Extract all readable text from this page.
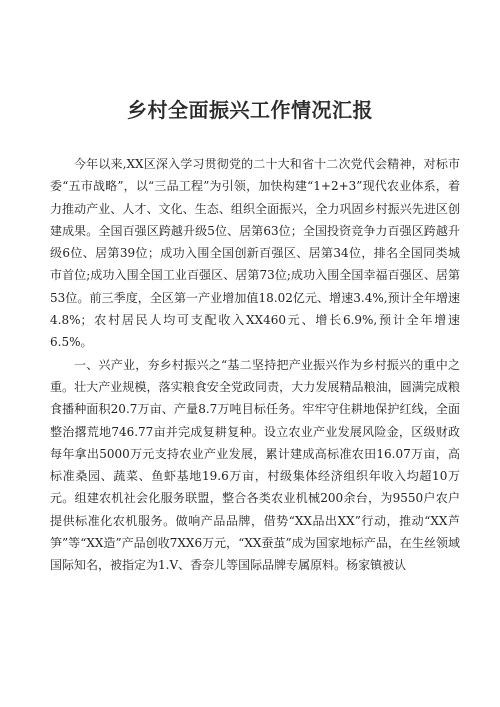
乡村全面振兴工作情况汇报

今年以来,XX区深入学习贯彻党的二十大和省十二次党代会精神，对标市委“五市战略”，以“三品工程”为引领，加快构建“1+2+3”现代农业体系，着力推动产业、人才、文化、生态、组织全面振兴，全力巩固乡村振兴先进区创建成果。全国百强区跨越升级5位、居第63位；全国投资竞争力百强区跨越升级6位、居第39位；成功入围全国创新百强区、居第34位，排名全国同类城市首位;成功入围全国工业百强区、居第73位;成功入围全国幸福百强区、居第53位。前三季度，全区第一产业增加值18.02亿元、增速3.4%,预计全年增速4.8%；农村居民人均可支配收入XX460元、增长6.9%,预计全年增速6.5%。

一、兴产业，夯乡村振兴之“基二坚持把产业振兴作为乡村振兴的重中之重。壮大产业规模，落实粮食安全党政同责，大力发展精品粮油，圆满完成粮食播种面积20.7万亩、产量8.7万吨目标任务。牢牢守住耕地保护红线，全面整治撂荒地746.77亩并完成复耕复种。设立农业产业发展风险金，区级财政每年拿出5000万元支持农业产业发展，累计建成高标准农田16.07万亩，高标准桑园、蔬菜、鱼虾基地19.6万亩，村级集体经济组织年收入均超10万元。组建农机社会化服务联盟，整合各类农业机械200余台，为9550户农户提供标准化农机服务。做响产品品牌，借势“XX品出XX”行动，推动“XX芦笋”等“XX造”产品创收7XX6万元，“XX蚕茧”成为国家地标产品，在生丝领域国际知名，被指定为1.V、香奈儿等国际品牌专属原料。杨家镇被认
